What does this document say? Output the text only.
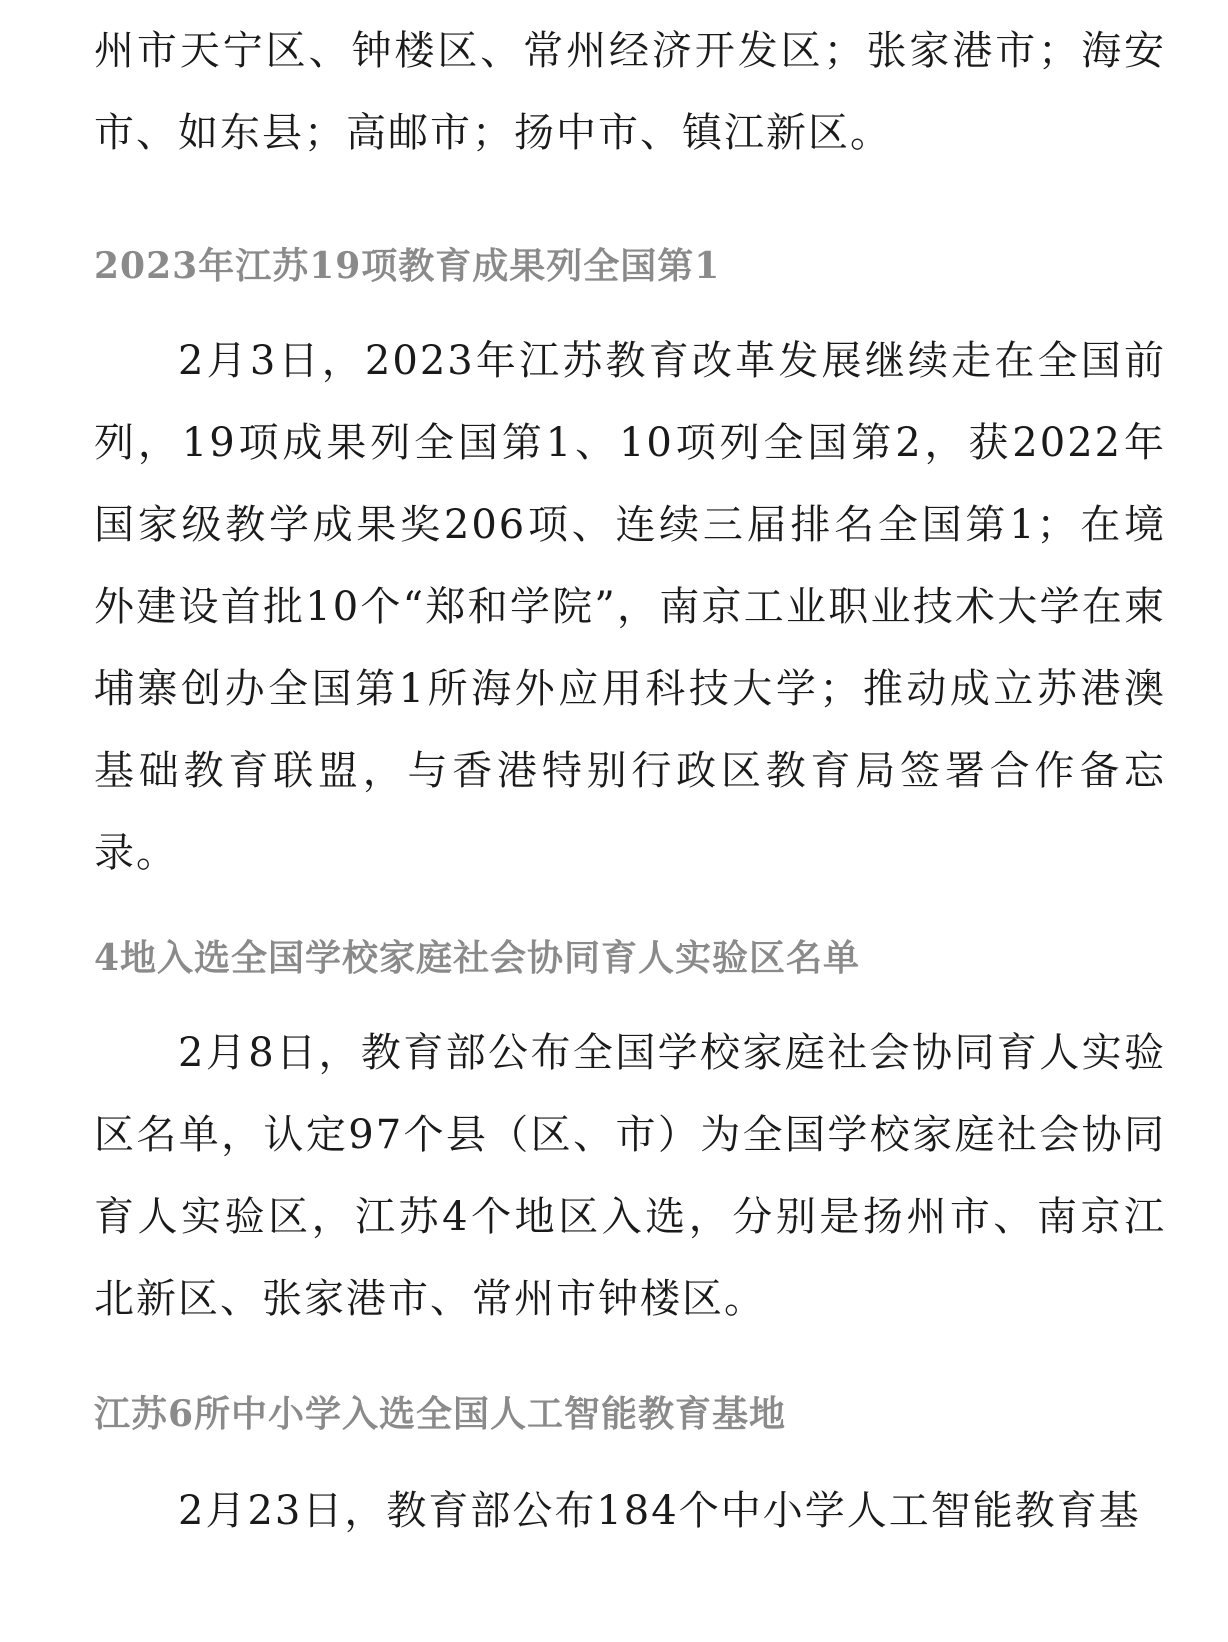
州市天宁区、钟楼区、常州经济开发区；张家港市；海安市、如东县；高邮市；扬中市、镇江新区。

2023年江苏19项教育成果列全国第1

2月3日，2023年江苏教育改革发展继续走在全国前列，19项成果列全国第1、10项列全国第2，获2022年国家级教学成果奖206项、连续三届排名全国第1；在境外建设首批10个“郑和学院”，南京工业职业技术大学在柬埔寨创办全国第1所海外应用科技大学；推动成立苏港澳基础教育联盟，与香港特别行政区教育局签署合作备忘录。

4地入选全国学校家庭社会协同育人实验区名单

2月8日，教育部公布全国学校家庭社会协同育人实验区名单，认定97个县（区、市）为全国学校家庭社会协同育人实验区，江苏4个地区入选，分别是扬州市、南京江北新区、张家港市、常州市钟楼区。

江苏6所中小学入选全国人工智能教育基地

2月23日，教育部公布184个中小学人工智能教育基
